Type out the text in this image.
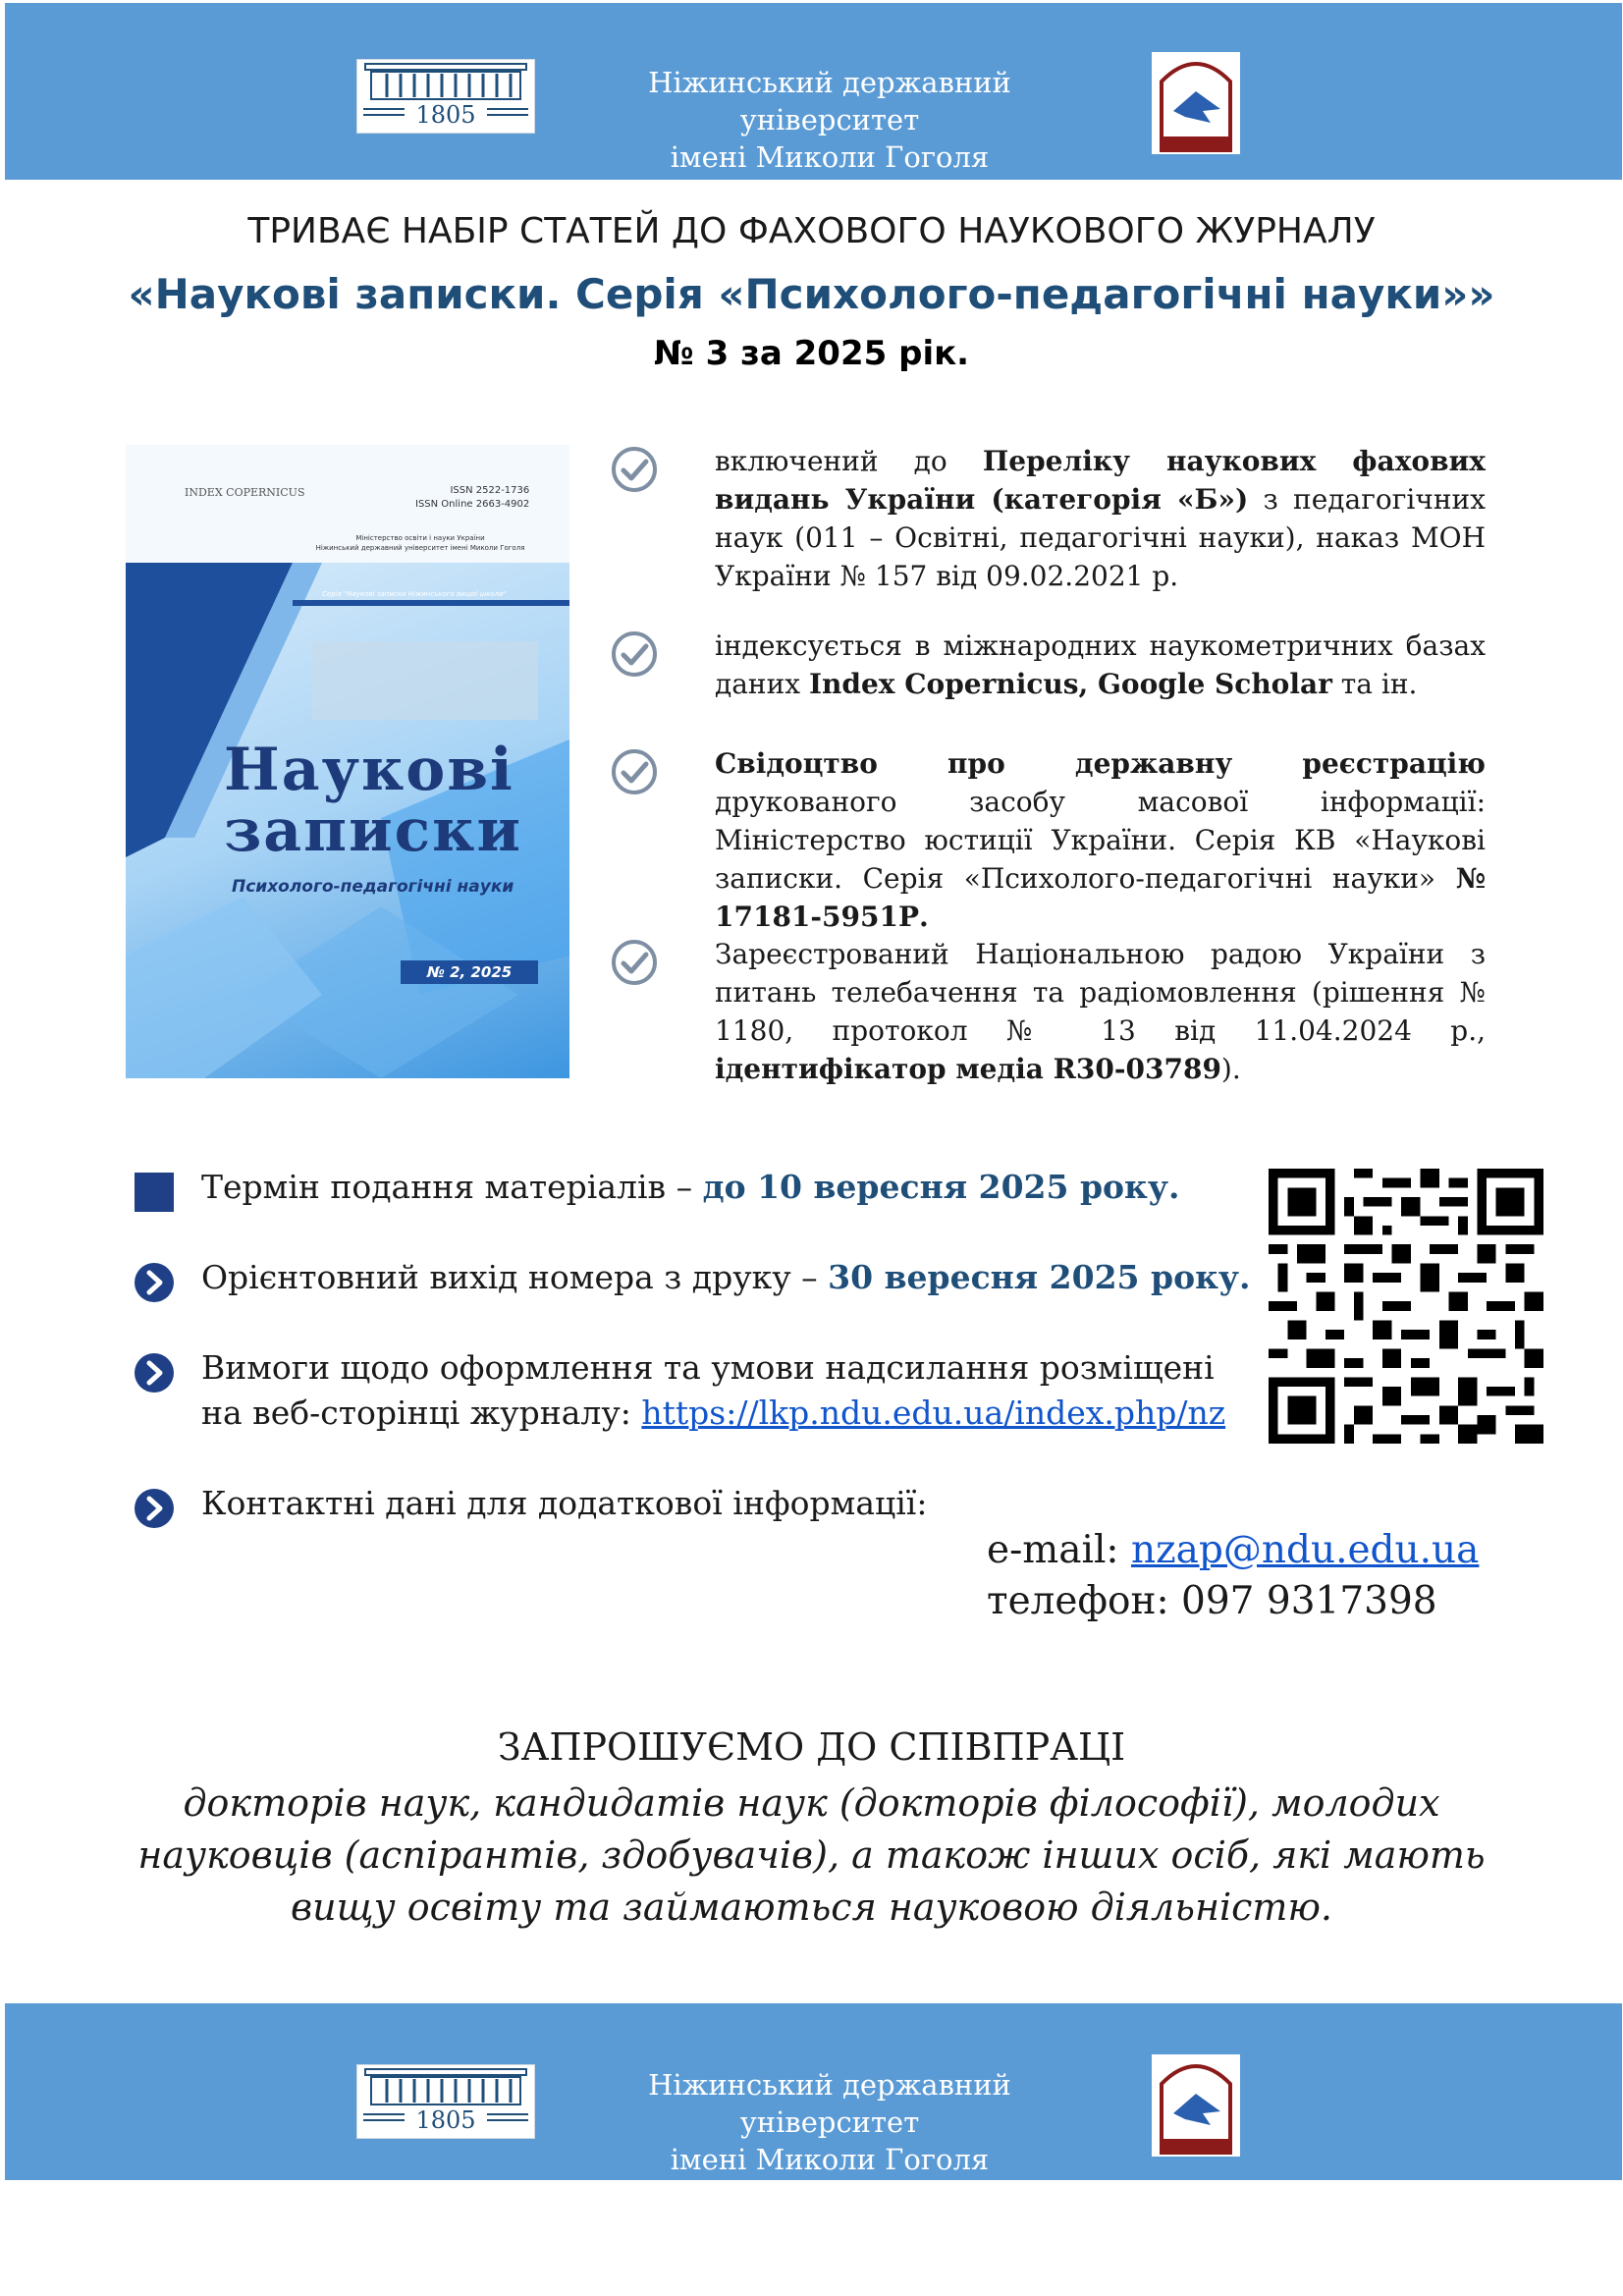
1805
Ніжинський державний університет
імені Миколи Гоголя
ТРИВАЄ НАБІР СТАТЕЙ ДО ФАХОВОГО НАУКОВОГО ЖУРНАЛУ
«Наукові записки. Серія «Психолого-педагогічні науки»»
№ 3 за 2025 рік.
INDEX COPERNICUS	ISSN 2522-1736
ISSN Online 2663-4902
Міністерство освіти і науки України
Ніжинський державний університет імені Миколи Гоголя
Серія "Наукові записки Ніжинського вищої школи"
Наукові
записки
Психолого-педагогічні науки
№ 2, 2025
включений до Переліку наукових фахових видань України (категорія «Б») з педагогічних наук (011 – Освітні, педагогічні науки), наказ МОН України № 157 від 09.02.2021 р.
індексується в міжнародних наукометричних базах даних Index Copernicus, Google Scholar та ін.
Свідоцтво про державну реєстрацію друкованого засобу масової інформації: Міністерство юстиції України. Серія КВ «Наукові записки. Серія «Психолого-педагогічні науки» № 17181-5951Р.
Зареєстрований Національною радою України з питань телебачення та радіомовлення (рішення № 1180, протокол № 13 від 11.04.2024 р., ідентифікатор медіа R30-03789).
Термін подання матеріалів – до 10 вересня 2025 року.
Орієнтовний вихід номера з друку – 30 вересня 2025 року.
Вимоги щодо оформлення та умови надсилання розміщені
на веб-сторінці журналу: https://lkp.ndu.edu.ua/index.php/nz
Контактні дані для додаткової інформації:
e-mail: nzap@ndu.edu.ua
телефон: 097 9317398
ЗАПРОШУЄМО ДО СПІВПРАЦІ
докторів наук, кандидатів наук (докторів філософії), молодих
науковців (аспірантів, здобувачів), а також інших осіб, які мають
вищу освіту та займаються науковою діяльністю.
1805
Ніжинський державний університет
імені Миколи Гоголя
